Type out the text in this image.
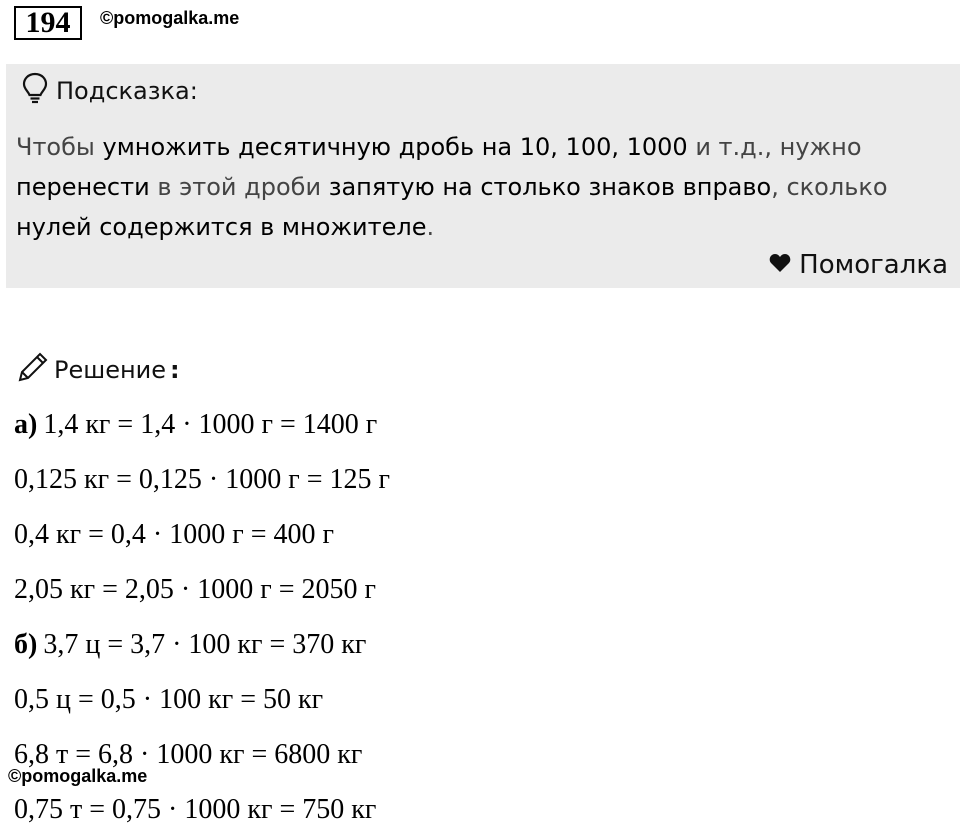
194	©pomogalka.me
Подсказка:
Чтобы умножить десятичную дробь на 10, 100, 1000 и т.д., нужно перенести в этой дроби запятую на столько знаков вправо, сколько нулей содержится в множителе.
Помогалка
Решение :
а) 1,4 кг = 1,4 · 1000 г = 1400 г
0,125 кг = 0,125 · 1000 г = 125 г
0,4 кг = 0,4 · 1000 г = 400 г
2,05 кг = 2,05 · 1000 г = 2050 г
б) 3,7 ц = 3,7 · 100 кг = 370 кг
0,5 ц = 0,5 · 100 кг = 50 кг
6,8 т = 6,8 · 1000 кг = 6800 кг
0,75 т = 0,75 · 1000 кг = 750 кг
©pomogalka.me
